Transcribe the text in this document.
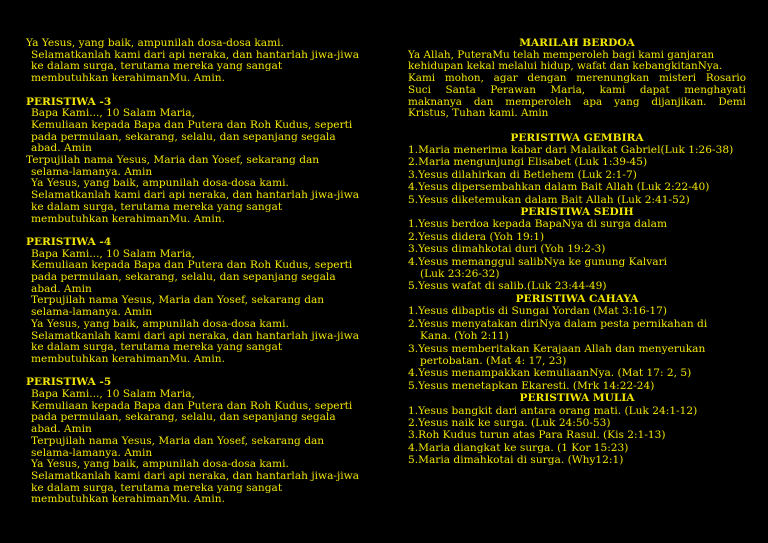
Ya Yesus, yang baik, ampunilah dosa-dosa kami.
Selamatkanlah kami dari api neraka, dan hantarlah jiwa-jiwa
ke dalam surga, terutama mereka yang sangat
membutuhkan kerahimanMu. Amin.
PERISTIWA -3
Bapa Kami..., 10 Salam Maria,
Kemuliaan kepada Bapa dan Putera dan Roh Kudus, seperti
pada permulaan, sekarang, selalu, dan sepanjang segala
abad. Amin
Terpujilah nama Yesus, Maria dan Yosef, sekarang dan
selama-lamanya. Amin
Ya Yesus, yang baik, ampunilah dosa-dosa kami.
Selamatkanlah kami dari api neraka, dan hantarlah jiwa-jiwa
ke dalam surga, terutama mereka yang sangat
membutuhkan kerahimanMu. Amin.
PERISTIWA -4
Bapa Kami..., 10 Salam Maria,
Kemuliaan kepada Bapa dan Putera dan Roh Kudus, seperti
pada permulaan, sekarang, selalu, dan sepanjang segala
abad. Amin
Terpujilah nama Yesus, Maria dan Yosef, sekarang dan
selama-lamanya. Amin
Ya Yesus, yang baik, ampunilah dosa-dosa kami.
Selamatkanlah kami dari api neraka, dan hantarlah jiwa-jiwa
ke dalam surga, terutama mereka yang sangat
membutuhkan kerahimanMu. Amin.
PERISTIWA -5
Bapa Kami..., 10 Salam Maria,
Kemuliaan kepada Bapa dan Putera dan Roh Kudus, seperti
pada permulaan, sekarang, selalu, dan sepanjang segala
abad. Amin
Terpujilah nama Yesus, Maria dan Yosef, sekarang dan
selama-lamanya. Amin
Ya Yesus, yang baik, ampunilah dosa-dosa kami.
Selamatkanlah kami dari api neraka, dan hantarlah jiwa-jiwa
ke dalam surga, terutama mereka yang sangat
membutuhkan kerahimanMu. Amin.
MARILAH BERDOA
Ya Allah, PuteraMu telah memperoleh bagi kami ganjaran
kehidupan kekal melalui hidup, wafat dan kebangkitanNya.
Kami mohon, agar dengan merenungkan misteri Rosario
Suci Santa Perawan Maria, kami dapat menghayati
maknanya dan memperoleh apa yang dijanjikan. Demi
Kristus, Tuhan kami. Amin
PERISTIWA GEMBIRA
1.Maria menerima kabar dari Malaikat Gabriel(Luk 1:26-38)
2.Maria mengunjungi Elisabet (Luk 1:39-45)
3.Yesus dilahirkan di Betlehem (Luk 2:1-7)
4.Yesus dipersembahkan dalam Bait Allah (Luk 2:22-40)
5.Yesus diketemukan dalam Bait Allah (Luk 2:41-52)
PERISTIWA SEDIH
1.Yesus berdoa kepada BapaNya di surga dalam
2.Yesus didera (Yoh 19:1)
3.Yesus dimahkotai duri (Yoh 19:2-3)
4.Yesus memanggul salibNya ke gunung Kalvari
(Luk 23:26-32)
5.Yesus wafat di salib.(Luk 23:44-49)
PERISTIWA CAHAYA
1.Yesus dibaptis di Sungai Yordan (Mat 3:16-17)
2.Yesus menyatakan diriNya dalam pesta pernikahan di
Kana. (Yoh 2:11)
3.Yesus memberitakan Kerajaan Allah dan menyerukan
pertobatan. (Mat 4: 17, 23)
4.Yesus menampakkan kemuliaanNya. (Mat 17: 2, 5)
5.Yesus menetapkan Ekaresti. (Mrk 14:22-24)
PERISTIWA MULIA
1.Yesus bangkit dari antara orang mati. (Luk 24:1-12)
2.Yesus naik ke surga. (Luk 24:50-53)
3.Roh Kudus turun atas Para Rasul. (Kis 2:1-13)
4.Maria diangkat ke surga. (1 Kor 15:23)
5.Maria dimahkotai di surga. (Why12:1)
